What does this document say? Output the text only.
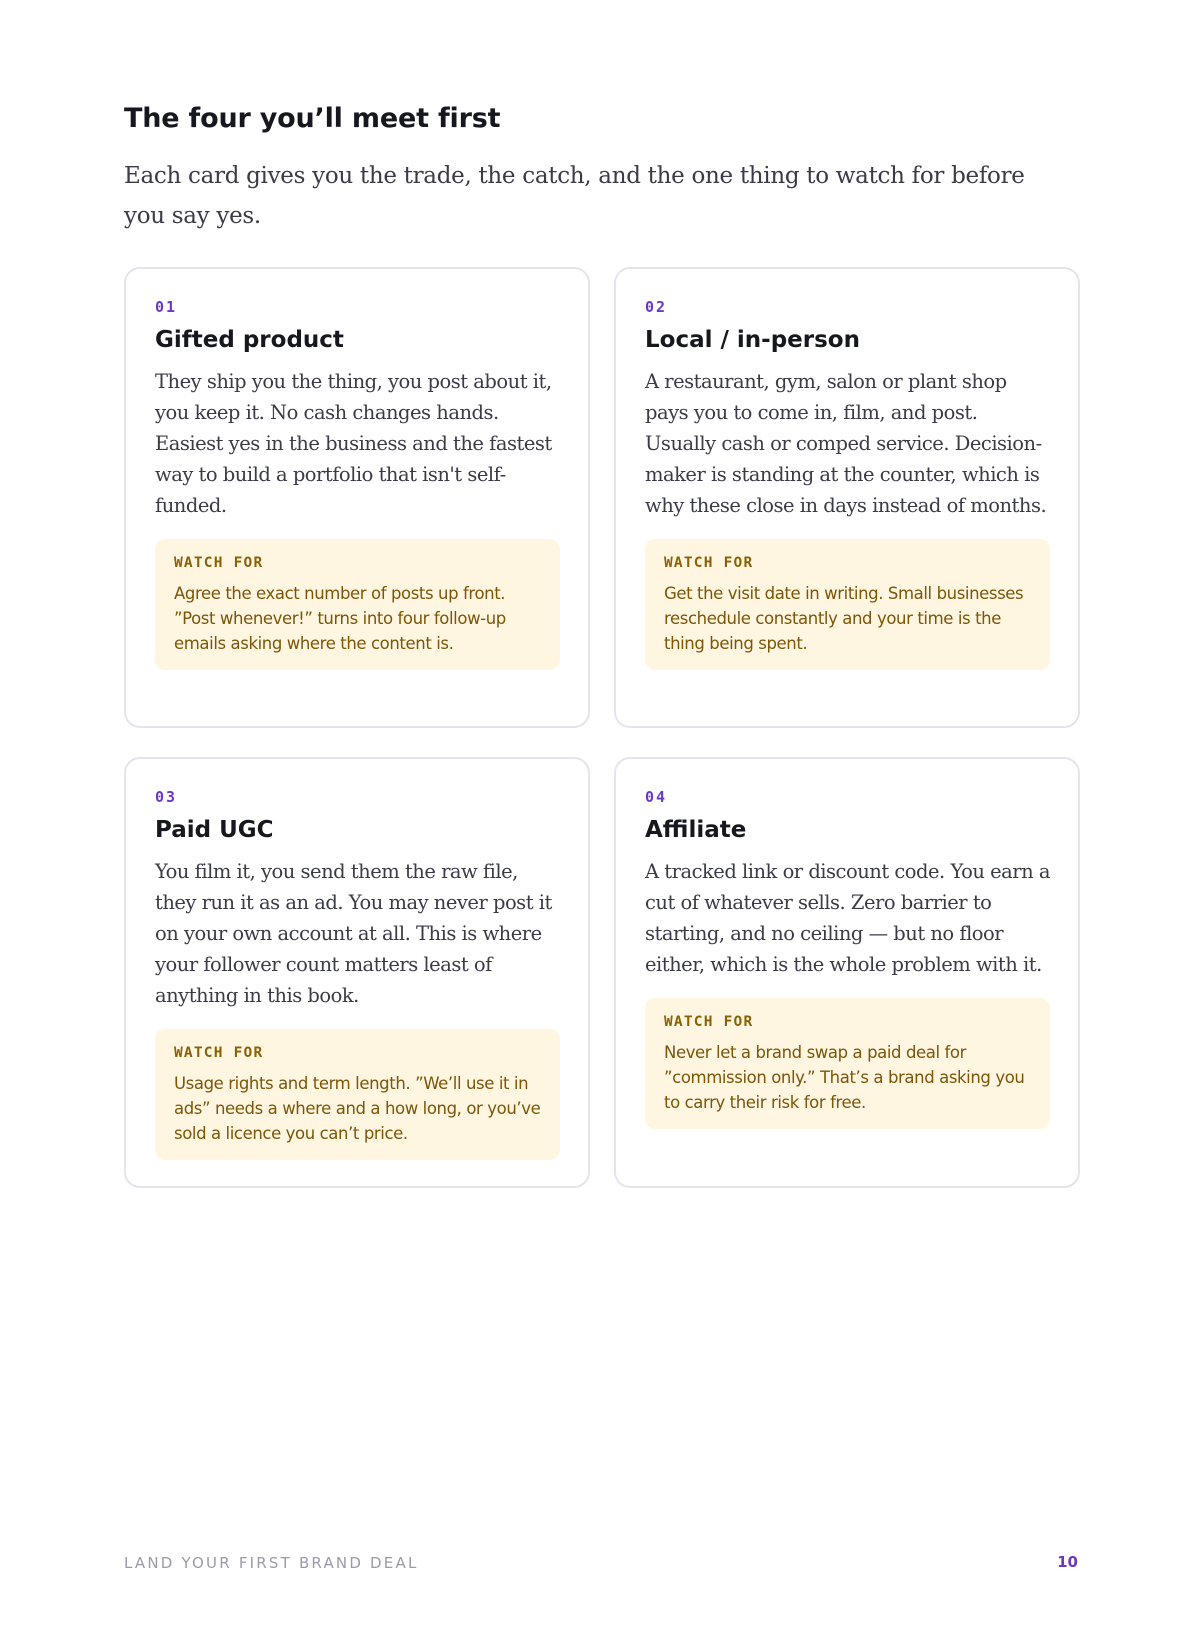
The four you’ll meet first

Each card gives you the trade, the catch, and the one thing to watch for before you say yes.

01
Gifted product

They ship you the thing, you post about it, you keep it. No cash changes hands. Easiest yes in the business and the fastest way to build a portfolio that isn't self-funded.

WATCH FOR

Agree the exact number of posts up front. ”Post whenever!” turns into four follow-up emails asking where the content is.

02
Local / in-person

A restaurant, gym, salon or plant shop pays you to come in, film, and post. Usually cash or comped service. Decision-maker is standing at the counter, which is why these close in days instead of months.

WATCH FOR

Get the visit date in writing. Small businesses reschedule constantly and your time is the thing being spent.

03
Paid UGC

You film it, you send them the raw file, they run it as an ad. You may never post it on your own account at all. This is where your follower count matters least of anything in this book.

WATCH FOR

Usage rights and term length. ”We’ll use it in ads” needs a where and a how long, or you’ve sold a licence you can’t price.

04
Affiliate

A tracked link or discount code. You earn a cut of whatever sells. Zero barrier to starting, and no ceiling — but no floor either, which is the whole problem with it.

WATCH FOR

Never let a brand swap a paid deal for ”commission only.” That’s a brand asking you to carry their risk for free.

LAND YOUR FIRST BRAND DEAL	10
